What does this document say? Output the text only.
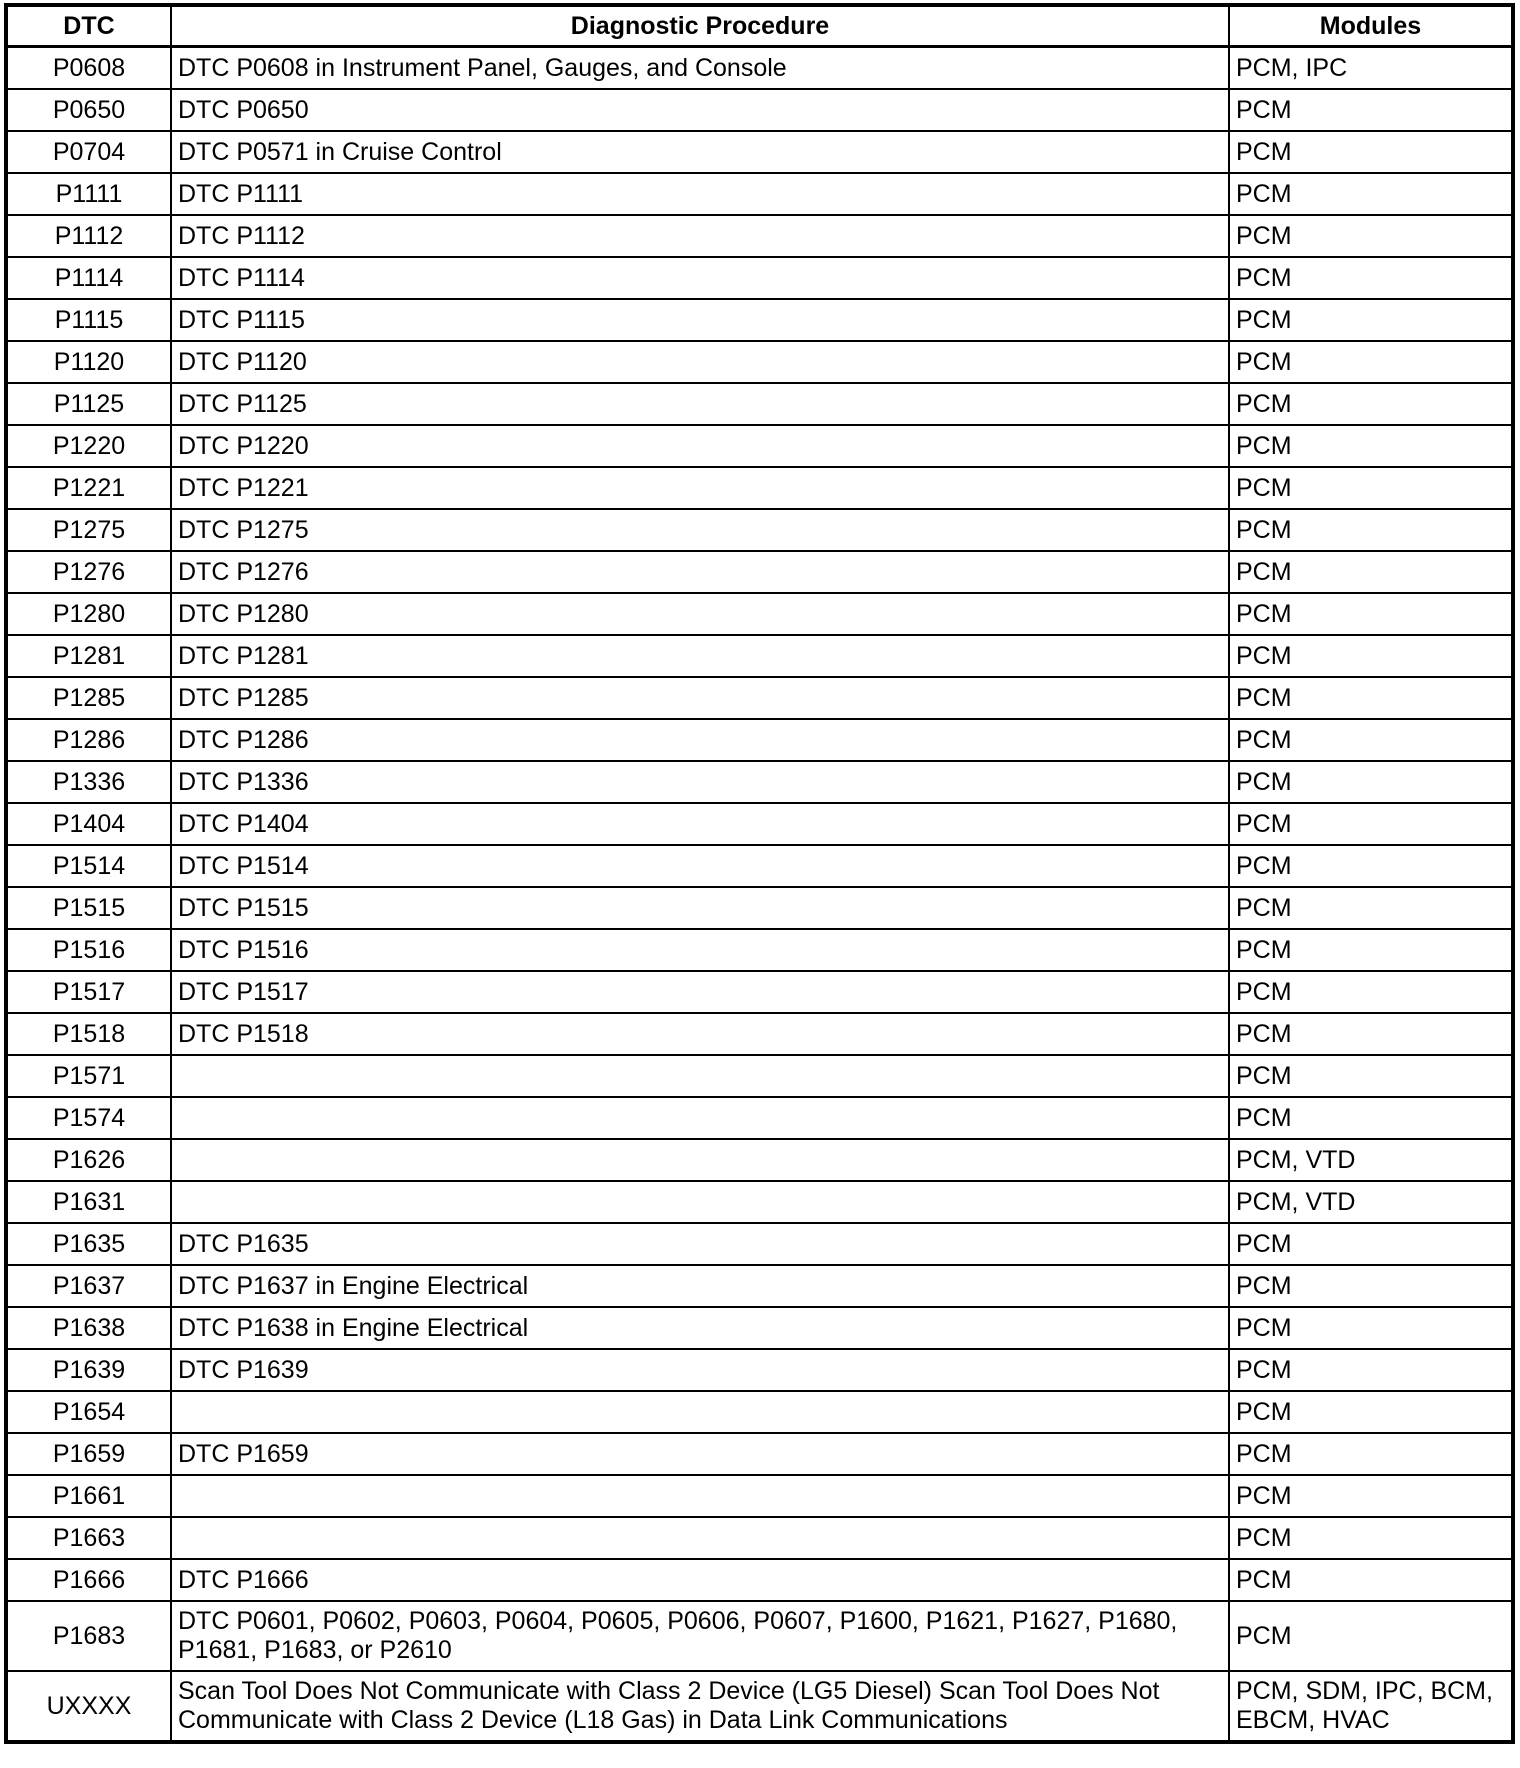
DTC	Diagnostic Procedure	Modules
P0608	DTC P0608 in Instrument Panel, Gauges, and Console	PCM, IPC
P0650	DTC P0650	PCM
P0704	DTC P0571 in Cruise Control	PCM
P1111	DTC P1111	PCM
P1112	DTC P1112	PCM
P1114	DTC P1114	PCM
P1115	DTC P1115	PCM
P1120	DTC P1120	PCM
P1125	DTC P1125	PCM
P1220	DTC P1220	PCM
P1221	DTC P1221	PCM
P1275	DTC P1275	PCM
P1276	DTC P1276	PCM
P1280	DTC P1280	PCM
P1281	DTC P1281	PCM
P1285	DTC P1285	PCM
P1286	DTC P1286	PCM
P1336	DTC P1336	PCM
P1404	DTC P1404	PCM
P1514	DTC P1514	PCM
P1515	DTC P1515	PCM
P1516	DTC P1516	PCM
P1517	DTC P1517	PCM
P1518	DTC P1518	PCM
P1571		PCM
P1574		PCM
P1626		PCM, VTD
P1631		PCM, VTD
P1635	DTC P1635	PCM
P1637	DTC P1637 in Engine Electrical	PCM
P1638	DTC P1638 in Engine Electrical	PCM
P1639	DTC P1639	PCM
P1654		PCM
P1659	DTC P1659	PCM
P1661		PCM
P1663		PCM
P1666	DTC P1666	PCM
P1683	DTC P0601, P0602, P0603, P0604, P0605, P0606, P0607, P1600, P1621, P1627, P1680, P1681, P1683, or P2610	PCM
UXXXX	Scan Tool Does Not Communicate with Class 2 Device (LG5 Diesel) Scan Tool Does Not Communicate with Class 2 Device (L18 Gas) in Data Link Communications	PCM, SDM, IPC, BCM, EBCM, HVAC
